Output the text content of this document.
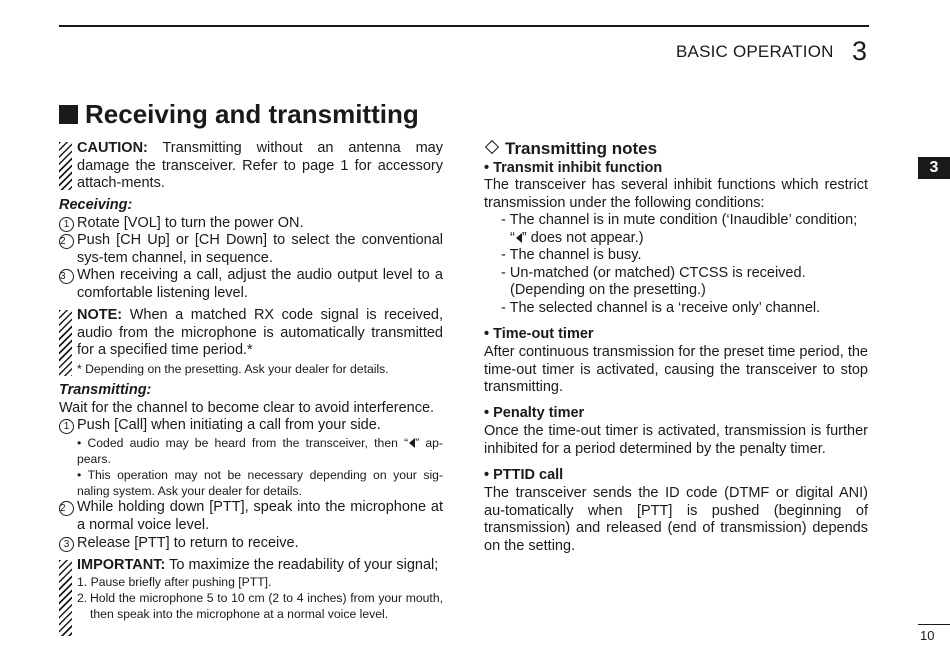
BASIC OPERATION 3
Receiving and transmitting
3
CAUTION: Transmitting without an antenna may damage the transceiver. Refer to page 1 for accessory attach-ments.
Receiving:
1 Rotate [VOL] to turn the power ON.
2 Push [CH Up] or [CH Down] to select the conventional sys-tem channel, in sequence.
3 When receiving a call, adjust the audio output level to a comfortable listening level.
NOTE: When a matched RX code signal is received, audio from the microphone is automatically transmitted for a specified time period.*
* Depending on the presetting. Ask your dealer for details.
Transmitting:
Wait for the channel to become clear to avoid interference.
1 Push [Call] when initiating a call from your side.
• Coded audio may be heard from the transceiver, then “ ” ap-pears.
• This operation may not be necessary depending on your sig-naling system. Ask your dealer for details.
2 While holding down [PTT], speak into the microphone at a normal voice level.
3 Release [PTT] to return to receive.
IMPORTANT: To maximize the readability of your signal;
1. Pause briefly after pushing [PTT].
2. Hold the microphone 5 to 10 cm (2 to 4 inches) from your mouth, then speak into the microphone at a normal voice level.
Transmitting notes
• Transmit inhibit function
The transceiver has several inhibit functions which restrict transmission under the following conditions:
- The channel is in mute condition (‘Inaudible’ condition;
“ ” does not appear.)
- The channel is busy.
- Un-matched (or matched) CTCSS is received.
(Depending on the presetting.)
- The selected channel is a ‘receive only’ channel.
• Time-out timer
After continuous transmission for the preset time period, the time-out timer is activated, causing the transceiver to stop transmitting.
• Penalty timer
Once the time-out timer is activated, transmission is further inhibited for a period determined by the penalty timer.
• PTTID call
The transceiver sends the ID code (DTMF or digital ANI) au-tomatically when [PTT] is pushed (beginning of transmission) and released (end of transmission) depends on the setting.
10
